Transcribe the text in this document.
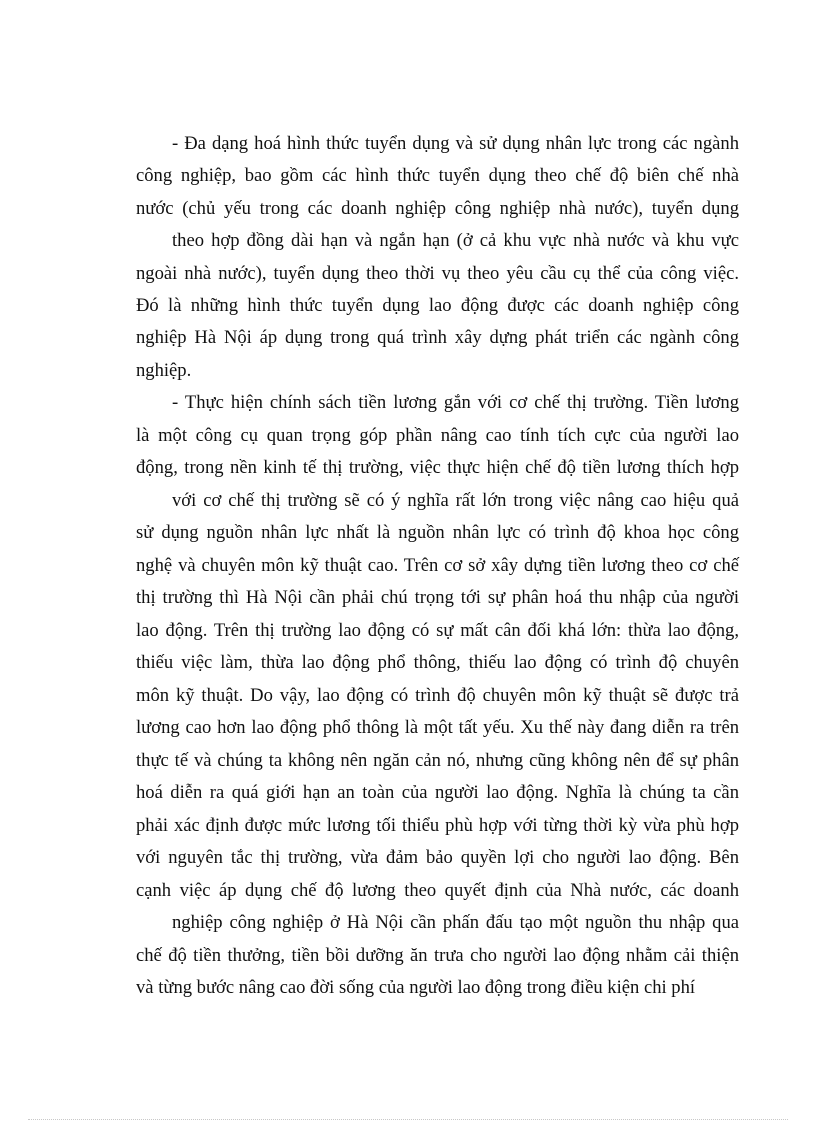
- Đa dạng hoá hình thức tuyển dụng và sử dụng nhân lực trong các ngành
công nghiệp, bao gồm các hình thức tuyển dụng theo chế độ biên chế nhà
nước (chủ yếu trong các doanh nghiệp công nghiệp nhà nước), tuyển dụng
theo hợp đồng dài hạn và ngắn hạn (ở cả khu vực nhà nước và khu vực
ngoài nhà nước), tuyển dụng theo thời vụ theo yêu cầu cụ thể của công việc.
Đó là những hình thức tuyển dụng lao động được các doanh nghiệp công
nghiệp Hà Nội áp dụng trong quá trình xây dựng phát triển các ngành công
nghiệp.
- Thực hiện chính sách tiền lương gắn với cơ chế thị trường. Tiền lương
là một công cụ quan trọng góp phần nâng cao tính tích cực của người lao
động, trong nền kinh tế thị trường, việc thực hiện chế độ tiền lương thích hợp
với cơ chế thị trường sẽ có ý nghĩa rất lớn trong việc nâng cao hiệu quả
sử dụng nguồn nhân lực nhất là nguồn nhân lực có trình độ khoa học công
nghệ và chuyên môn kỹ thuật cao. Trên cơ sở xây dựng tiền lương theo cơ chế
thị trường thì Hà Nội cần phải chú trọng tới sự phân hoá thu nhập của người
lao động. Trên thị trường lao động có sự mất cân đối khá lớn: thừa lao động,
thiếu việc làm, thừa lao động phổ thông, thiếu lao động có trình độ chuyên
môn kỹ thuật. Do vậy, lao động có trình độ chuyên môn kỹ thuật sẽ được trả
lương cao hơn lao động phổ thông là một tất yếu. Xu thế này đang diễn ra trên
thực tế và chúng ta không nên ngăn cản nó, nhưng cũng không nên để sự phân
hoá diễn ra quá giới hạn an toàn của người lao động. Nghĩa là chúng ta cần
phải xác định được mức lương tối thiểu phù hợp với từng thời kỳ vừa phù hợp
với nguyên tắc thị trường, vừa đảm bảo quyền lợi cho người lao động. Bên
cạnh việc áp dụng chế độ lương theo quyết định của Nhà nước, các doanh
nghiệp công nghiệp ở Hà Nội cần phấn đấu tạo một nguồn thu nhập qua
chế độ tiền thưởng, tiền bồi dưỡng ăn trưa cho người lao động nhằm cải thiện
và từng bước nâng cao đời sống của người lao động trong điều kiện chi phí
